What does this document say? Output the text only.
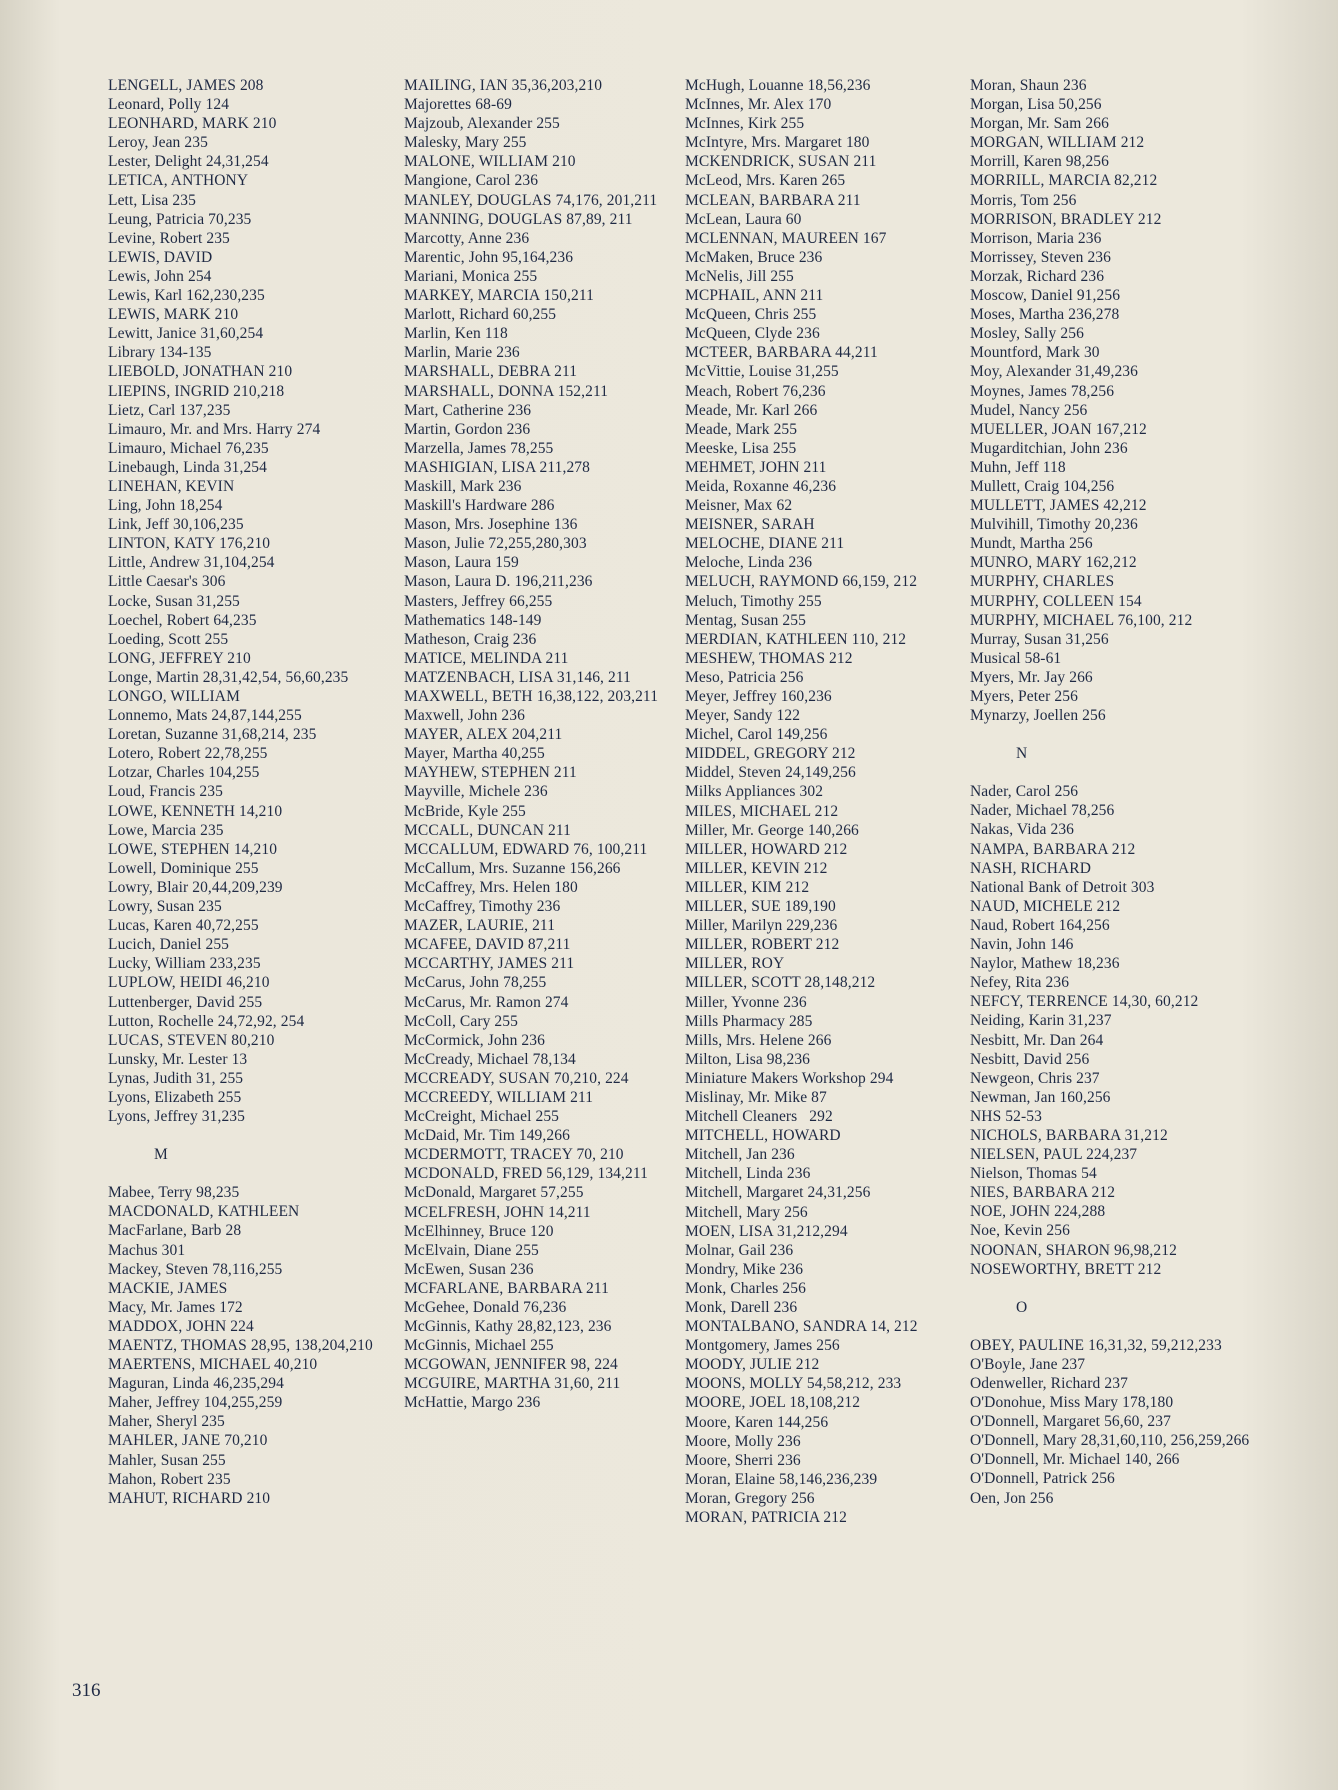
LENGELL, JAMES 208
Leonard, Polly 124
LEONHARD, MARK 210
Leroy, Jean 235
Lester, Delight 24,31,254
LETICA, ANTHONY
Lett, Lisa 235
Leung, Patricia 70,235
Levine, Robert 235
LEWIS, DAVID
Lewis, John 254
Lewis, Karl 162,230,235
LEWIS, MARK 210
Lewitt, Janice 31,60,254
Library 134-135
LIEBOLD, JONATHAN 210
LIEPINS, INGRID 210,218
Lietz, Carl 137,235
Limauro, Mr. and Mrs. Harry 274
Limauro, Michael 76,235
Linebaugh, Linda 31,254
LINEHAN, KEVIN
Ling, John 18,254
Link, Jeff 30,106,235
LINTON, KATY 176,210
Little, Andrew 31,104,254
Little Caesar's 306
Locke, Susan 31,255
Loechel, Robert 64,235
Loeding, Scott 255
LONG, JEFFREY 210
Longe, Martin 28,31,42,54, 56,60,235
LONGO, WILLIAM
Lonnemo, Mats 24,87,144,255
Loretan, Suzanne 31,68,214, 235
Lotero, Robert 22,78,255
Lotzar, Charles 104,255
Loud, Francis 235
LOWE, KENNETH 14,210
Lowe, Marcia 235
LOWE, STEPHEN 14,210
Lowell, Dominique 255
Lowry, Blair 20,44,209,239
Lowry, Susan 235
Lucas, Karen 40,72,255
Lucich, Daniel 255
Lucky, William 233,235
LUPLOW, HEIDI 46,210
Luttenberger, David 255
Lutton, Rochelle 24,72,92, 254
LUCAS, STEVEN 80,210
Lunsky, Mr. Lester 13
Lynas, Judith 31, 255
Lyons, Elizabeth 255
Lyons, Jeffrey 31,235
M
Mabee, Terry 98,235
MACDONALD, KATHLEEN
MacFarlane, Barb 28
Machus 301
Mackey, Steven 78,116,255
MACKIE, JAMES
Macy, Mr. James 172
MADDOX, JOHN 224
MAENTZ, THOMAS 28,95, 138,204,210
MAERTENS, MICHAEL 40,210
Maguran, Linda 46,235,294
Maher, Jeffrey 104,255,259
Maher, Sheryl 235
MAHLER, JANE 70,210
Mahler, Susan 255
Mahon, Robert 235
MAHUT, RICHARD 210
MAILING, IAN 35,36,203,210
Majorettes 68-69
Majzoub, Alexander 255
Malesky, Mary 255
MALONE, WILLIAM 210
Mangione, Carol 236
MANLEY, DOUGLAS 74,176, 201,211
MANNING, DOUGLAS 87,89, 211
Marcotty, Anne 236
Marentic, John 95,164,236
Mariani, Monica 255
MARKEY, MARCIA 150,211
Marlott, Richard 60,255
Marlin, Ken 118
Marlin, Marie 236
MARSHALL, DEBRA 211
MARSHALL, DONNA 152,211
Mart, Catherine 236
Martin, Gordon 236
Marzella, James 78,255
MASHIGIAN, LISA 211,278
Maskill, Mark 236
Maskill's Hardware 286
Mason, Mrs. Josephine 136
Mason, Julie 72,255,280,303
Mason, Laura 159
Mason, Laura D. 196,211,236
Masters, Jeffrey 66,255
Mathematics 148-149
Matheson, Craig 236
MATICE, MELINDA 211
MATZENBACH, LISA 31,146, 211
MAXWELL, BETH 16,38,122, 203,211
Maxwell, John 236
MAYER, ALEX 204,211
Mayer, Martha 40,255
MAYHEW, STEPHEN 211
Mayville, Michele 236
McBride, Kyle 255
MCCALL, DUNCAN 211
MCCALLUM, EDWARD 76, 100,211
McCallum, Mrs. Suzanne 156,266
McCaffrey, Mrs. Helen 180
McCaffrey, Timothy 236
MAZER, LAURIE, 211
MCAFEE, DAVID 87,211
MCCARTHY, JAMES 211
McCarus, John 78,255
McCarus, Mr. Ramon 274
McColl, Cary 255
McCormick, John 236
McCready, Michael 78,134
MCCREADY, SUSAN 70,210, 224
MCCREEDY, WILLIAM 211
McCreight, Michael 255
McDaid, Mr. Tim 149,266
MCDERMOTT, TRACEY 70, 210
MCDONALD, FRED 56,129, 134,211
McDonald, Margaret 57,255
MCELFRESH, JOHN 14,211
McElhinney, Bruce 120
McElvain, Diane 255
McEwen, Susan 236
MCFARLANE, BARBARA 211
McGehee, Donald 76,236
McGinnis, Kathy 28,82,123, 236
McGinnis, Michael 255
MCGOWAN, JENNIFER 98, 224
MCGUIRE, MARTHA 31,60, 211
McHattie, Margo 236
McHugh, Louanne 18,56,236
McInnes, Mr. Alex 170
McInnes, Kirk 255
McIntyre, Mrs. Margaret 180
MCKENDRICK, SUSAN 211
McLeod, Mrs. Karen 265
MCLEAN, BARBARA 211
McLean, Laura 60
MCLENNAN, MAUREEN 167
McMaken, Bruce 236
McNelis, Jill 255
MCPHAIL, ANN 211
McQueen, Chris 255
McQueen, Clyde 236
MCTEER, BARBARA 44,211
McVittie, Louise 31,255
Meach, Robert 76,236
Meade, Mr. Karl 266
Meade, Mark 255
Meeske, Lisa 255
MEHMET, JOHN 211
Meida, Roxanne 46,236
Meisner, Max 62
MEISNER, SARAH
MELOCHE, DIANE 211
Meloche, Linda 236
MELUCH, RAYMOND 66,159, 212
Meluch, Timothy 255
Mentag, Susan 255
MERDIAN, KATHLEEN 110, 212
MESHEW, THOMAS 212
Meso, Patricia 256
Meyer, Jeffrey 160,236
Meyer, Sandy 122
Michel, Carol 149,256
MIDDEL, GREGORY 212
Middel, Steven 24,149,256
Milks Appliances 302
MILES, MICHAEL 212
Miller, Mr. George 140,266
MILLER, HOWARD 212
MILLER, KEVIN 212
MILLER, KIM 212
MILLER, SUE 189,190
Miller, Marilyn 229,236
MILLER, ROBERT 212
MILLER, ROY
MILLER, SCOTT 28,148,212
Miller, Yvonne 236
Mills Pharmacy 285
Mills, Mrs. Helene 266
Milton, Lisa 98,236
Miniature Makers Workshop 294
Mislinay, Mr. Mike 87
Mitchell Cleaners   292
MITCHELL, HOWARD
Mitchell, Jan 236
Mitchell, Linda 236
Mitchell, Margaret 24,31,256
Mitchell, Mary 256
MOEN, LISA 31,212,294
Molnar, Gail 236
Mondry, Mike 236
Monk, Charles 256
Monk, Darell 236
MONTALBANO, SANDRA 14, 212
Montgomery, James 256
MOODY, JULIE 212
MOONS, MOLLY 54,58,212, 233
MOORE, JOEL 18,108,212
Moore, Karen 144,256
Moore, Molly 236
Moore, Sherri 236
Moran, Elaine 58,146,236,239
Moran, Gregory 256
MORAN, PATRICIA 212
Moran, Shaun 236
Morgan, Lisa 50,256
Morgan, Mr. Sam 266
MORGAN, WILLIAM 212
Morrill, Karen 98,256
MORRILL, MARCIA 82,212
Morris, Tom 256
MORRISON, BRADLEY 212
Morrison, Maria 236
Morrissey, Steven 236
Morzak, Richard 236
Moscow, Daniel 91,256
Moses, Martha 236,278
Mosley, Sally 256
Mountford, Mark 30
Moy, Alexander 31,49,236
Moynes, James 78,256
Mudel, Nancy 256
MUELLER, JOAN 167,212
Mugarditchian, John 236
Muhn, Jeff 118
Mullett, Craig 104,256
MULLETT, JAMES 42,212
Mulvihill, Timothy 20,236
Mundt, Martha 256
MUNRO, MARY 162,212
MURPHY, CHARLES
MURPHY, COLLEEN 154
MURPHY, MICHAEL 76,100, 212
Murray, Susan 31,256
Musical 58-61
Myers, Mr. Jay 266
Myers, Peter 256
Mynarzy, Joellen 256
N
Nader, Carol 256
Nader, Michael 78,256
Nakas, Vida 236
NAMPA, BARBARA 212
NASH, RICHARD
National Bank of Detroit 303
NAUD, MICHELE 212
Naud, Robert 164,256
Navin, John 146
Naylor, Mathew 18,236
Nefey, Rita 236
NEFCY, TERRENCE 14,30, 60,212
Neiding, Karin 31,237
Nesbitt, Mr. Dan 264
Nesbitt, David 256
Newgeon, Chris 237
Newman, Jan 160,256
NHS 52-53
NICHOLS, BARBARA 31,212
NIELSEN, PAUL 224,237
Nielson, Thomas 54
NIES, BARBARA 212
NOE, JOHN 224,288
Noe, Kevin 256
NOONAN, SHARON 96,98,212
NOSEWORTHY, BRETT 212
O
OBEY, PAULINE 16,31,32, 59,212,233
O'Boyle, Jane 237
Odenweller, Richard 237
O'Donohue, Miss Mary 178,180
O'Donnell, Margaret 56,60, 237
O'Donnell, Mary 28,31,60,110, 256,259,266
O'Donnell, Mr. Michael 140, 266
O'Donnell, Patrick 256
Oen, Jon 256
316
